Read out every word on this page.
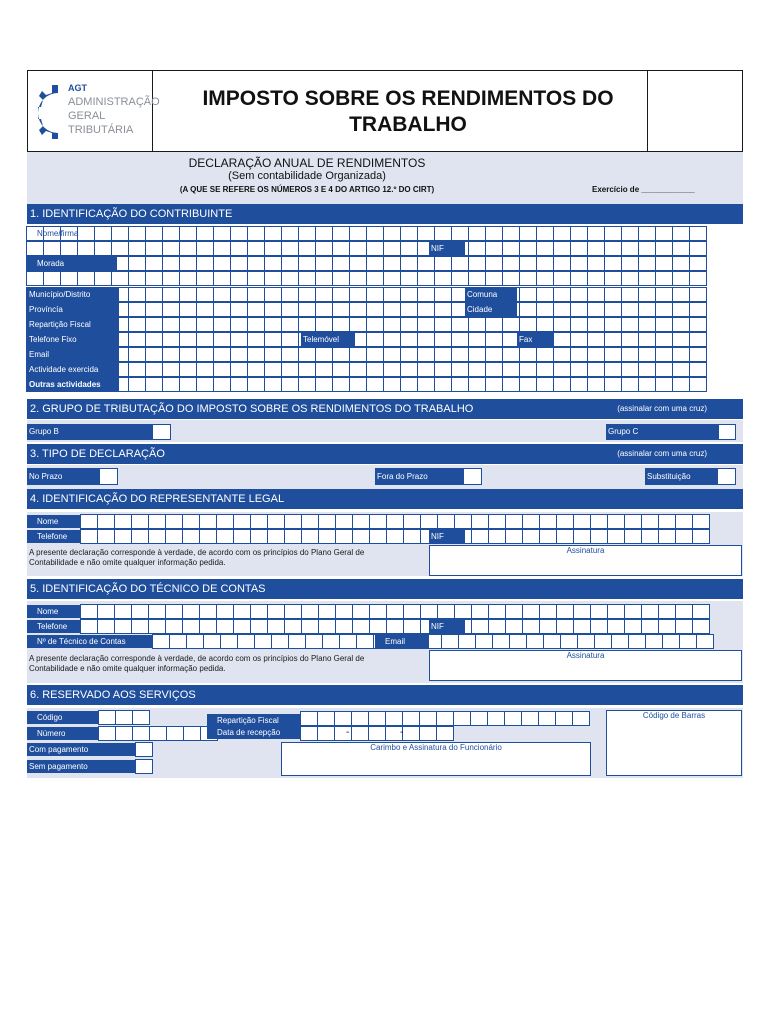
AGT
ADMINISTRAÇÃO
GERAL
TRIBUTÁRIA
IMPOSTO SOBRE OS RENDIMENTOS DO TRABALHO
DECLARAÇÃO ANUAL DE RENDIMENTOS
(Sem contabilidade Organizada)
(A QUE SE REFERE OS NÚMEROS 3 E 4 DO ARTIGO 12.º DO CIRT)	Exercício de ____________
1. IDENTIFICAÇÃO DO CONTRIBUINTE
Nome/firma
NIF
Morada
Município/Distrito	Comuna
Províncía	Cidade
Repartição Fiscal
Telefone Fixo	Telemóvel	Fax
Email
Actividade exercida
Outras actividades
2. GRUPO DE TRIBUTAÇÃO DO IMPOSTO SOBRE OS RENDIMENTOS DO TRABALHO	(assinalar com uma cruz)
Grupo B	Grupo C
3. TIPO DE DECLARAÇÃO	(assinalar com uma cruz)
No Prazo	Fora do Prazo	Substituição
4. IDENTIFICAÇÃO DO REPRESENTANTE LEGAL
Nome
Telefone	NIF
A presente declaração corresponde à verdade, de acordo com os princípios do Plano Geral de Contabilidade e não omite qualquer informação pedida.
Assinatura
5. IDENTIFICAÇÃO DO TÉCNICO DE CONTAS
Nome
Telefone	NIF
Nº de Técnico de Contas	Email
A presente declaração corresponde à verdade, de acordo com os princípios do Plano Geral de Contabilidade e não omite qualquer informação pedida.
Assinatura
6. RESERVADO AOS SERVIÇOS
Código
Número
Com pagamento
Sem pagamento
Repartição Fiscal
Data de recepção	-	-
Carimbo e Assinatura do Funcionário
Código de Barras
